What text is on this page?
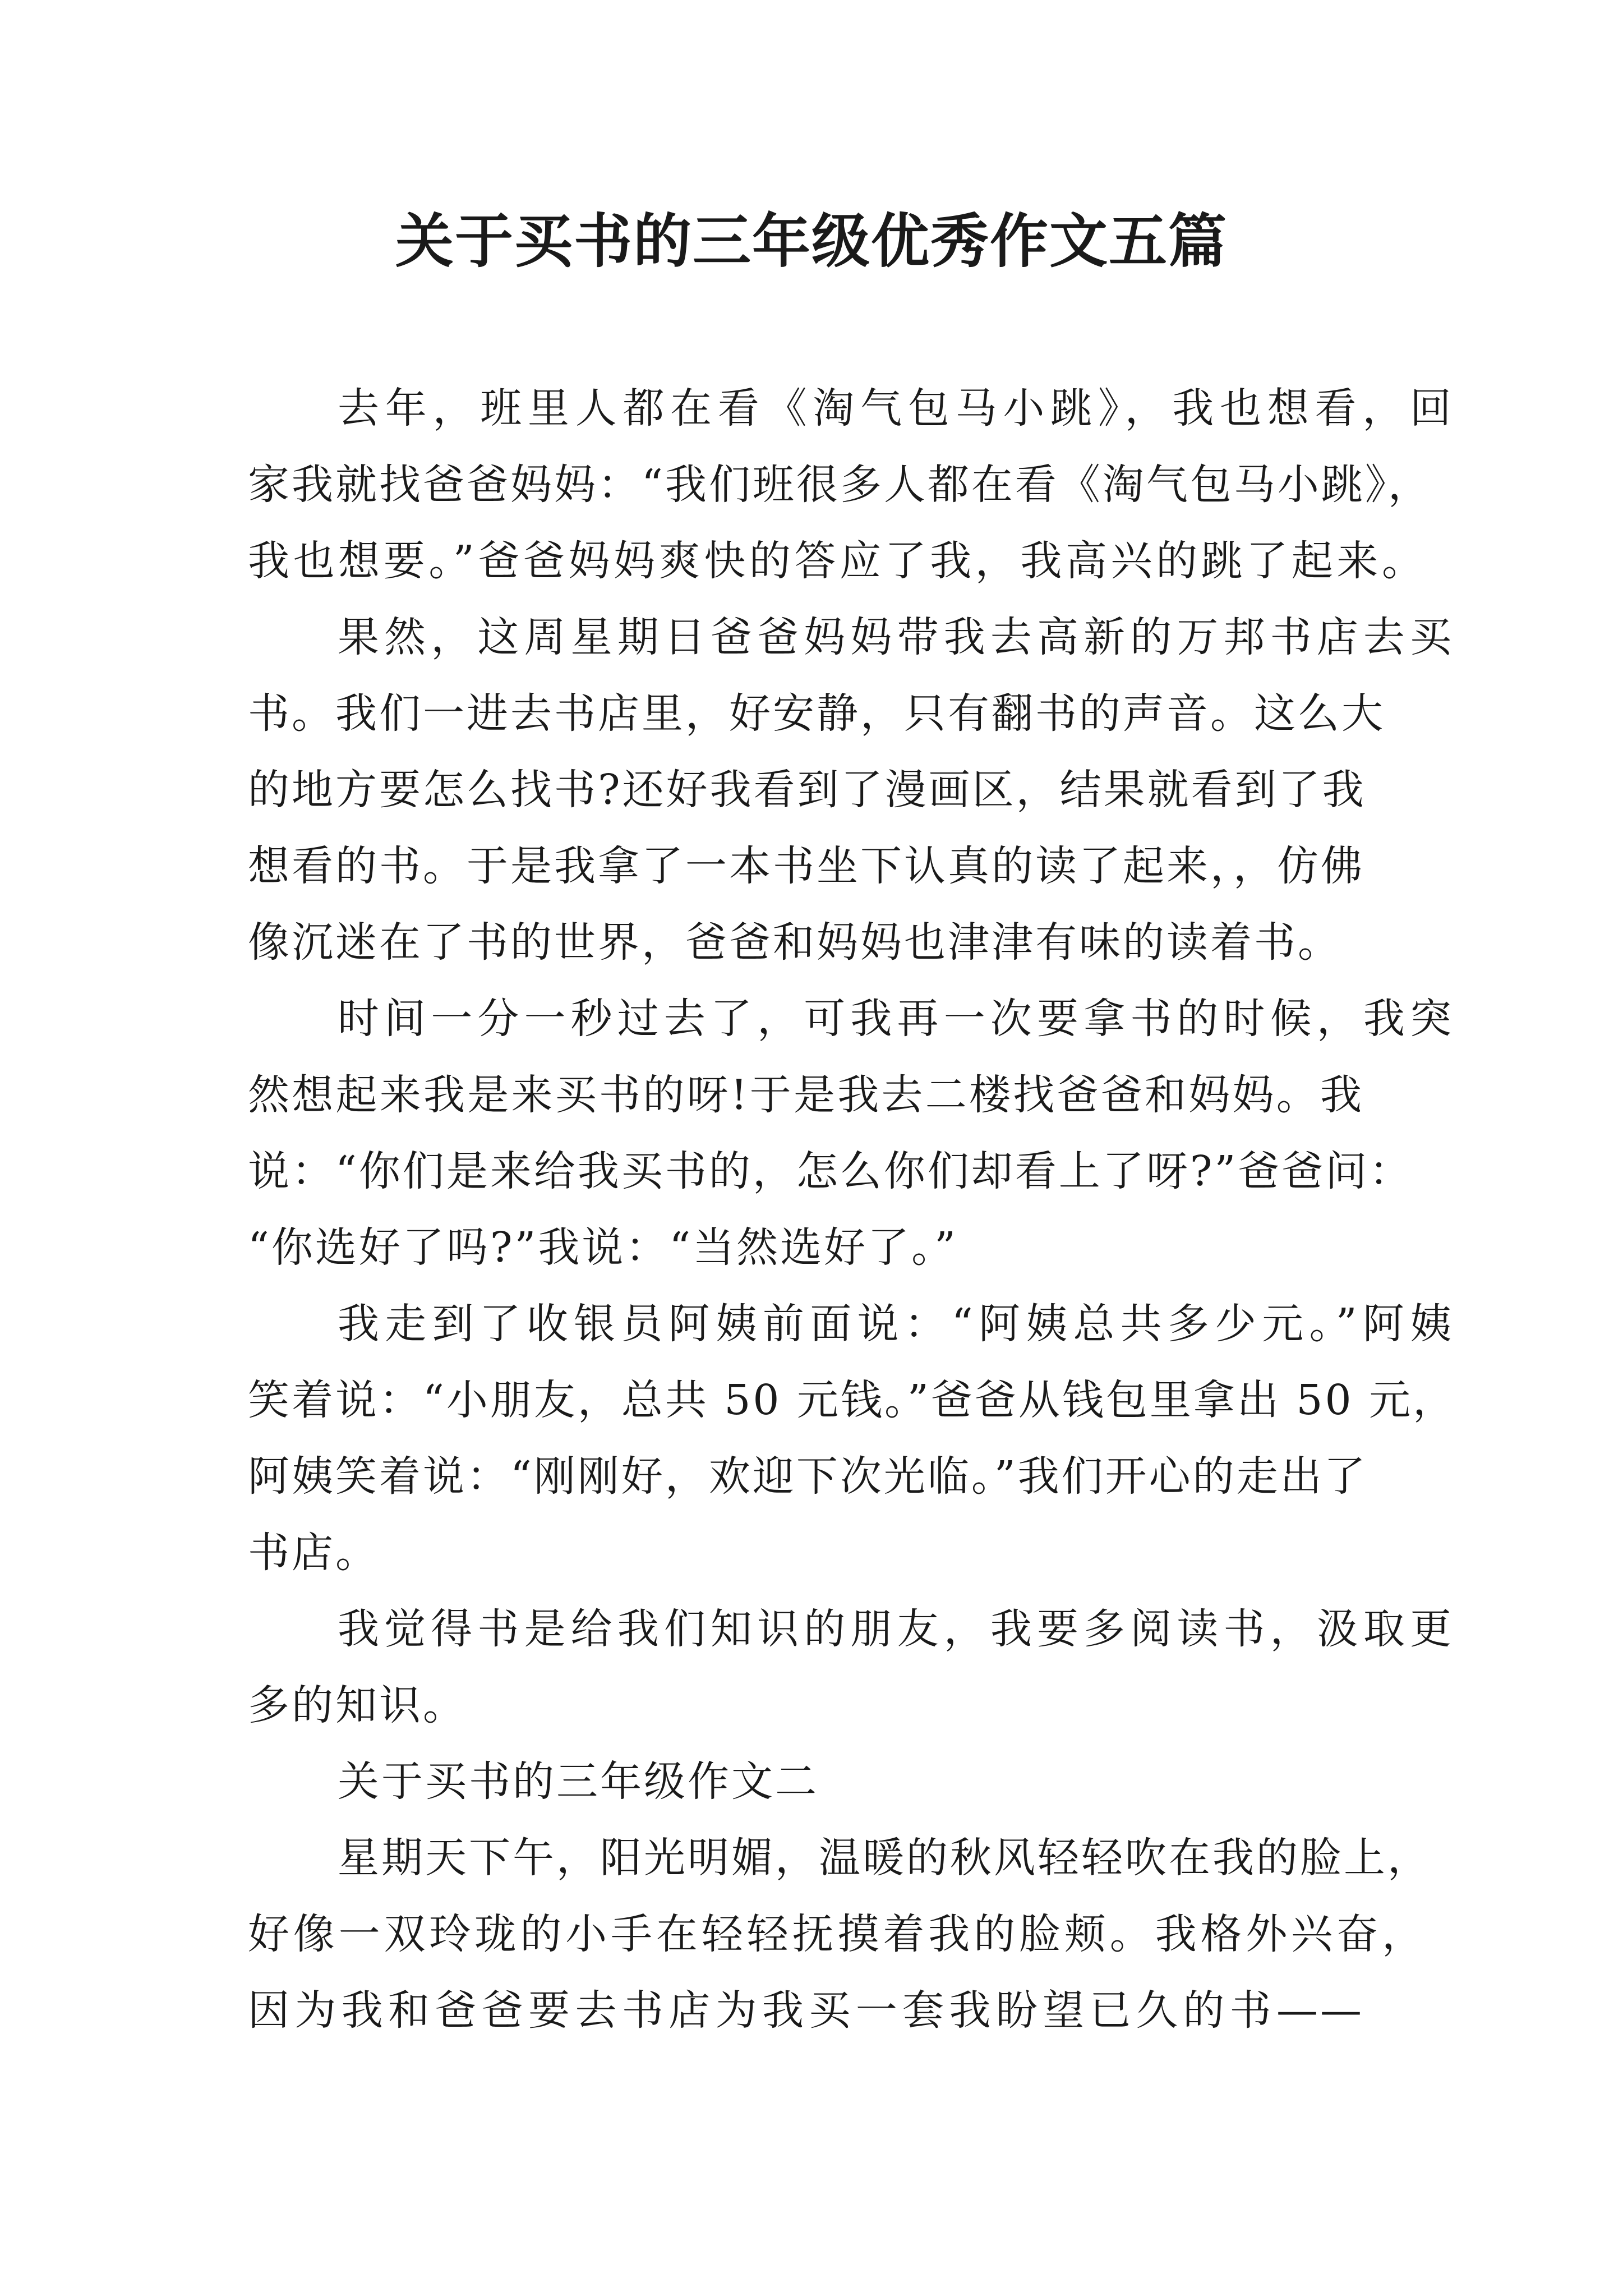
关于买书的三年级优秀作文五篇
去年，班里人都在看《淘气包马小跳》，我也想看，回
家我就找爸爸妈妈：“我们班很多人都在看《淘气包马小跳》，
我也想要。”爸爸妈妈爽快的答应了我，我高兴的跳了起来。
果然，这周星期日爸爸妈妈带我去高新的万邦书店去买
书。我们一进去书店里，好安静，只有翻书的声音。这么大
的地方要怎么找书?还好我看到了漫画区，结果就看到了我
想看的书。于是我拿了一本书坐下认真的读了起来，，仿佛
像沉迷在了书的世界，爸爸和妈妈也津津有味的读着书。
时间一分一秒过去了，可我再一次要拿书的时候，我突
然想起来我是来买书的呀!于是我去二楼找爸爸和妈妈。我
说：“你们是来给我买书的，怎么你们却看上了呀?”爸爸问：
“你选好了吗?”我说：“当然选好了。”
我走到了收银员阿姨前面说：“阿姨总共多少元。”阿姨
笑着说：“小朋友，总共 50 元钱。”爸爸从钱包里拿出 50 元，
阿姨笑着说：“刚刚好，欢迎下次光临。”我们开心的走出了
书店。
我觉得书是给我们知识的朋友，我要多阅读书，汲取更
多的知识。
关于买书的三年级作文二
星期天下午，阳光明媚，温暖的秋风轻轻吹在我的脸上，
好像一双玲珑的小手在轻轻抚摸着我的脸颊。我格外兴奋，
因为我和爸爸要去书店为我买一套我盼望已久的书——
